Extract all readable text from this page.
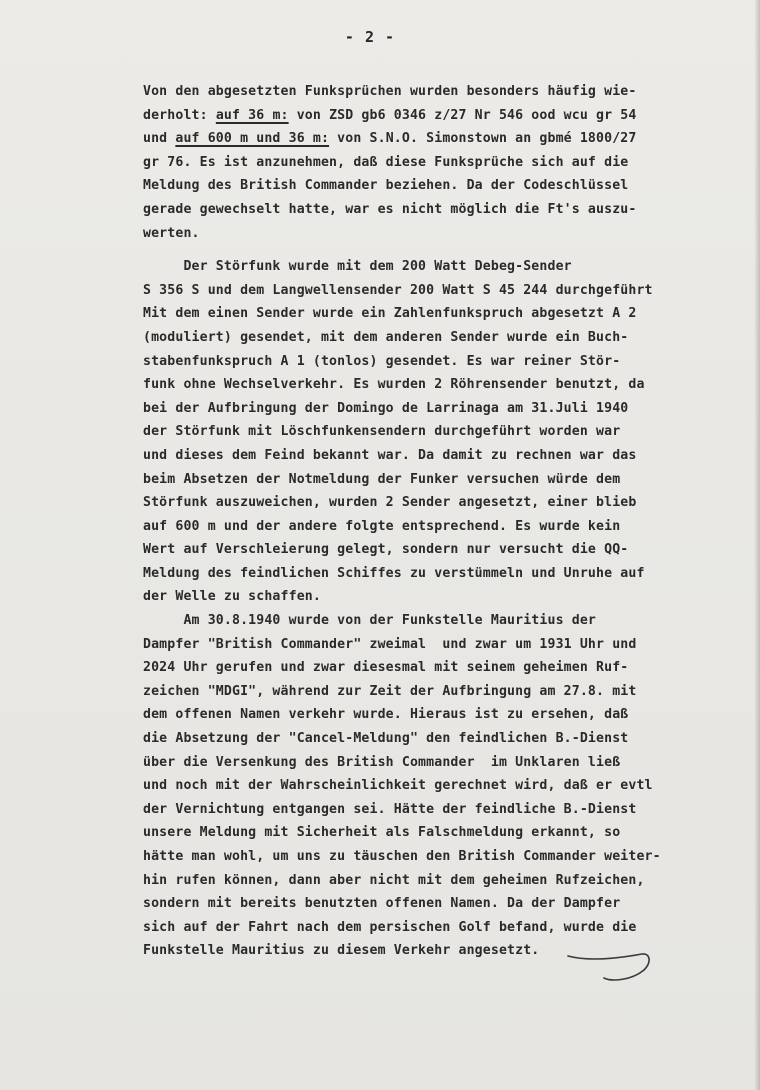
- 2 -
Von den abgesetzten Funksprüchen wurden besonders häufig wie-
derholt: auf 36 m: von ZSD gb6 0346 z/27 Nr 546 ood wcu gr 54
und auf 600 m und 36 m: von S.N.O. Simonstown an gbmé 1800/27
gr 76. Es ist anzunehmen, daß diese Funksprüche sich auf die
Meldung des British Commander beziehen. Da der Codeschlüssel
gerade gewechselt hatte, war es nicht möglich die Ft's auszu-
werten.
Der Störfunk wurde mit dem 200 Watt Debeg-Sender
S 356 S und dem Langwellensender 200 Watt S 45 244 durchgeführt
Mit dem einen Sender wurde ein Zahlenfunkspruch abgesetzt A 2
(moduliert) gesendet, mit dem anderen Sender wurde ein Buch-
stabenfunkspruch A 1 (tonlos) gesendet. Es war reiner Stör-
funk ohne Wechselverkehr. Es wurden 2 Röhrensender benutzt, da
bei der Aufbringung der Domingo de Larrinaga am 31.Juli 1940
der Störfunk mit Löschfunkensendern durchgeführt worden war
und dieses dem Feind bekannt war. Da damit zu rechnen war das
beim Absetzen der Notmeldung der Funker versuchen würde dem
Störfunk auszuweichen, wurden 2 Sender angesetzt, einer blieb
auf 600 m und der andere folgte entsprechend. Es wurde kein
Wert auf Verschleierung gelegt, sondern nur versucht die QQ-
Meldung des feindlichen Schiffes zu verstümmeln und Unruhe auf
der Welle zu schaffen.
Am 30.8.1940 wurde von der Funkstelle Mauritius der
Dampfer "British Commander" zweimal  und zwar um 1931 Uhr und
2024 Uhr gerufen und zwar diesesmal mit seinem geheimen Ruf-
zeichen "MDGI", während zur Zeit der Aufbringung am 27.8. mit
dem offenen Namen verkehr wurde. Hieraus ist zu ersehen, daß
die Absetzung der "Cancel-Meldung" den feindlichen B.-Dienst
über die Versenkung des British Commander  im Unklaren ließ
und noch mit der Wahrscheinlichkeit gerechnet wird, daß er evtl
der Vernichtung entgangen sei. Hätte der feindliche B.-Dienst
unsere Meldung mit Sicherheit als Falschmeldung erkannt, so
hätte man wohl, um uns zu täuschen den British Commander weiter-
hin rufen können, dann aber nicht mit dem geheimen Rufzeichen,
sondern mit bereits benutzten offenen Namen. Da der Dampfer
sich auf der Fahrt nach dem persischen Golf befand, wurde die
Funkstelle Mauritius zu diesem Verkehr angesetzt.
